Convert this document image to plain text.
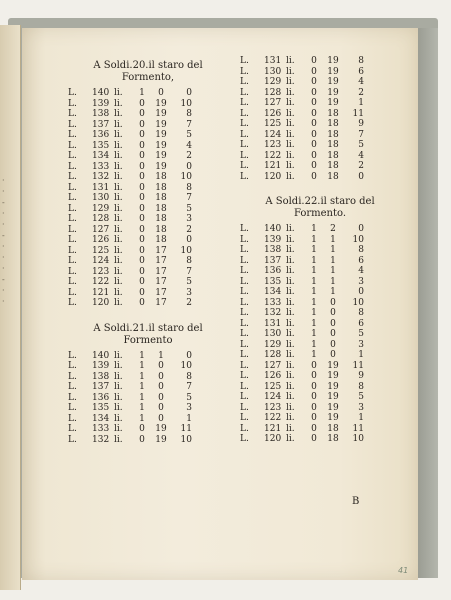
·
·
-
·
·
-
·
·
·
-
·
·
A Soldi.20.il staro del
Formento,
L.	140 li.	1	0	0
L.	139 li.	0	19	10
L.	138 li.	0	19	8
L.	137 li.	0	19	7
L.	136 li.	0	19	5
L.	135 li.	0	19	4
L.	134 li.	0	19	2
L.	133 li.	0	19	0
L.	132 li.	0	18	10
L.	131 li.	0	18	8
L.	130 li.	0	18	7
L.	129 li.	0	18	5
L.	128 li.	0	18	3
L.	127 li.	0	18	2
L.	126 li.	0	18	0
L.	125 li.	0	17	10
L.	124 li.	0	17	8
L.	123 li.	0	17	7
L.	122 li.	0	17	5
L.	121 li.	0	17	3
L.	120 li.	0	17	2
A Soldi.21.il staro del
Formento
L.	140 li.	1	1	0
L.	139 li.	1	0	10
L.	138 li.	1	0	8
L.	137 li.	1	0	7
L.	136 li.	1	0	5
L.	135 li.	1	0	3
L.	134 li.	1	0	1
L.	133 li.	0	19	11
L.	132 li.	0	19	10
L.	131 li.	0	19	8
L.	130 li.	0	19	6
L.	129 li.	0	19	4
L.	128 li.	0	19	2
L.	127 li.	0	19	1
L.	126 li.	0	18	11
L.	125 li.	0	18	9
L.	124 li.	0	18	7
L.	123 li.	0	18	5
L.	122 li.	0	18	4
L.	121 li.	0	18	2
L.	120 li.	0	18	0
A Soldi.22.il staro del
Formento.
L.	140 li.	1	2	0
L.	139 li.	1	1	10
L.	138 li.	1	1	8
L.	137 li.	1	1	6
L.	136 li.	1	1	4
L.	135 li.	1	1	3
L.	134 li.	1	1	0
L.	133 li.	1	0	10
L.	132 li.	1	0	8
L.	131 li.	1	0	6
L.	130 li.	1	0	5
L.	129 li.	1	0	3
L.	128 li.	1	0	1
L.	127 li.	0	19	11
L.	126 li.	0	19	9
L.	125 li.	0	19	8
L.	124 li.	0	19	5
L.	123 li.	0	19	3
L.	122 li.	0	19	1
L.	121 li.	0	18	11
L.	120 li.	0	18	10
B
41
